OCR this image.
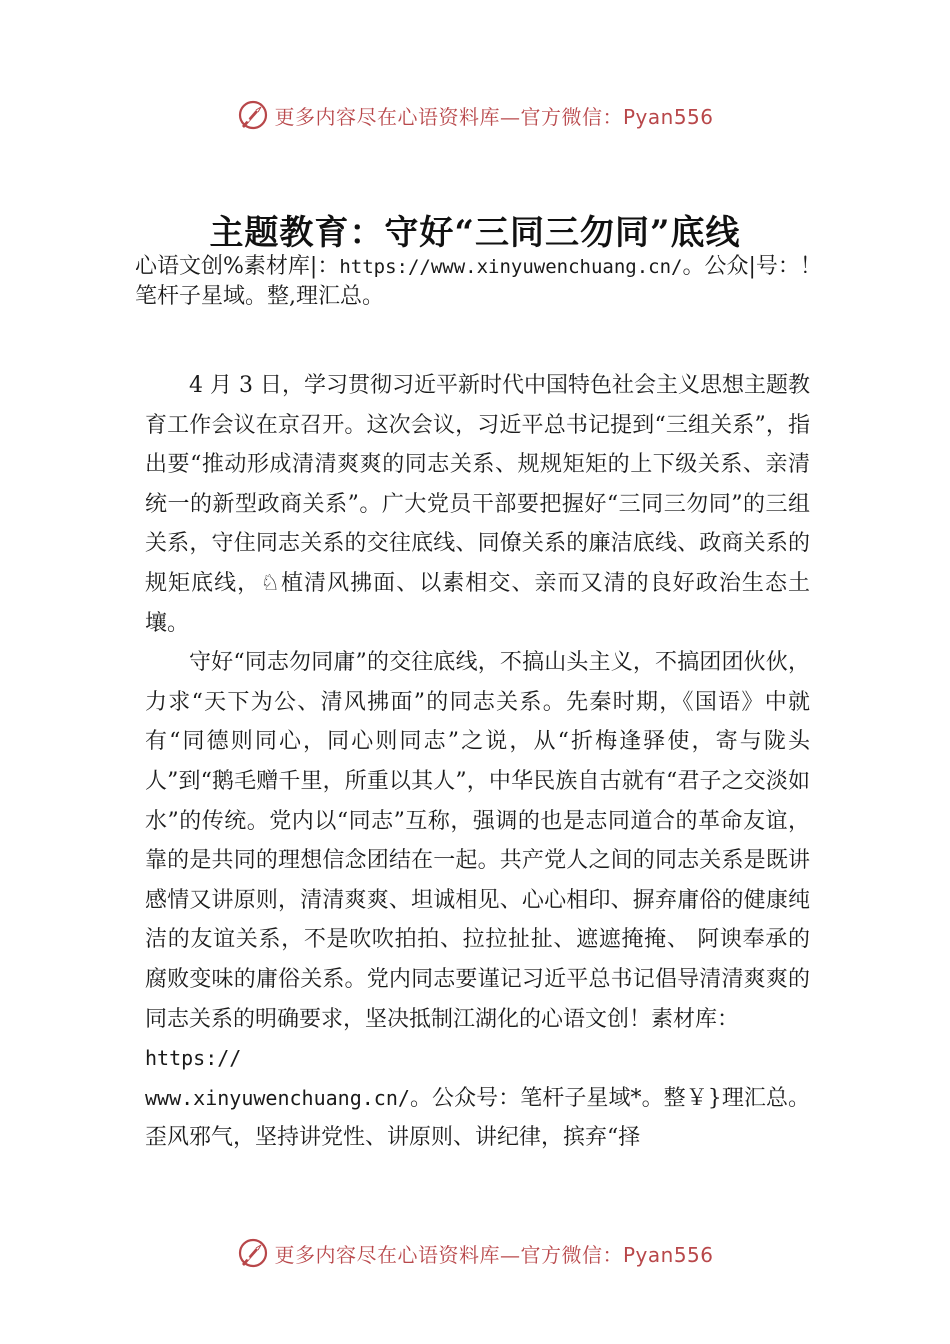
更多内容尽在心语资料库—官方微信：Pyan556
主题教育：守好“三同三勿同”底线
心语文创%素材库|：https://www.xinyuwenchuang.cn/。公众|号：！笔杆子星域。整,理汇总。

4 月 3 日，学习贯彻习近平新时代中国特色社会主义思想主题教育工作会议在京召开。这次会议，习近平总书记提到“三组关系”，指出要“推动形成清清爽爽的同志关系、规规矩矩的上下级关系、亲清统一的新型政商关系”。广大党员干部要把握好“三同三勿同”的三组关系，守住同志关系的交往底线、同僚关系的廉洁底线、政商关系的规矩底线，♘植清风拂面、以素相交、亲而又清的良好政治生态土壤。

守好“同志勿同庸”的交往底线，不搞山头主义，不搞团团伙伙，力求“天下为公、清风拂面”的同志关系。先秦时期，《国语》中就有“同德则同心，同心则同志”之说，从“折梅逢驿使，寄与陇头人”到“鹅毛赠千里，所重以其人”，中华民族自古就有“君子之交淡如水”的传统。党内以“同志”互称，强调的也是志同道合的革命友谊，靠的是共同的理想信念团结在一起。共产党人之间的同志关系是既讲感情又讲原则，清清爽爽、坦诚相见、心心相印、摒弃庸俗的健康纯洁的友谊关系，不是吹吹拍拍、拉拉扯扯、遮遮掩掩、 阿谀奉承的腐败变味的庸俗关系。党内同志要谨记习近平总书记倡导清清爽爽的同志关系的明确要求，坚决抵制江湖化的心语文创！素材库：

https://
www.xinyuwenchuang.cn/。公众号：笔杆子星域*。整￥}理汇总。歪风邪气，坚持讲党性、讲原则、讲纪律，摈弃“择

更多内容尽在心语资料库—官方微信：Pyan556
